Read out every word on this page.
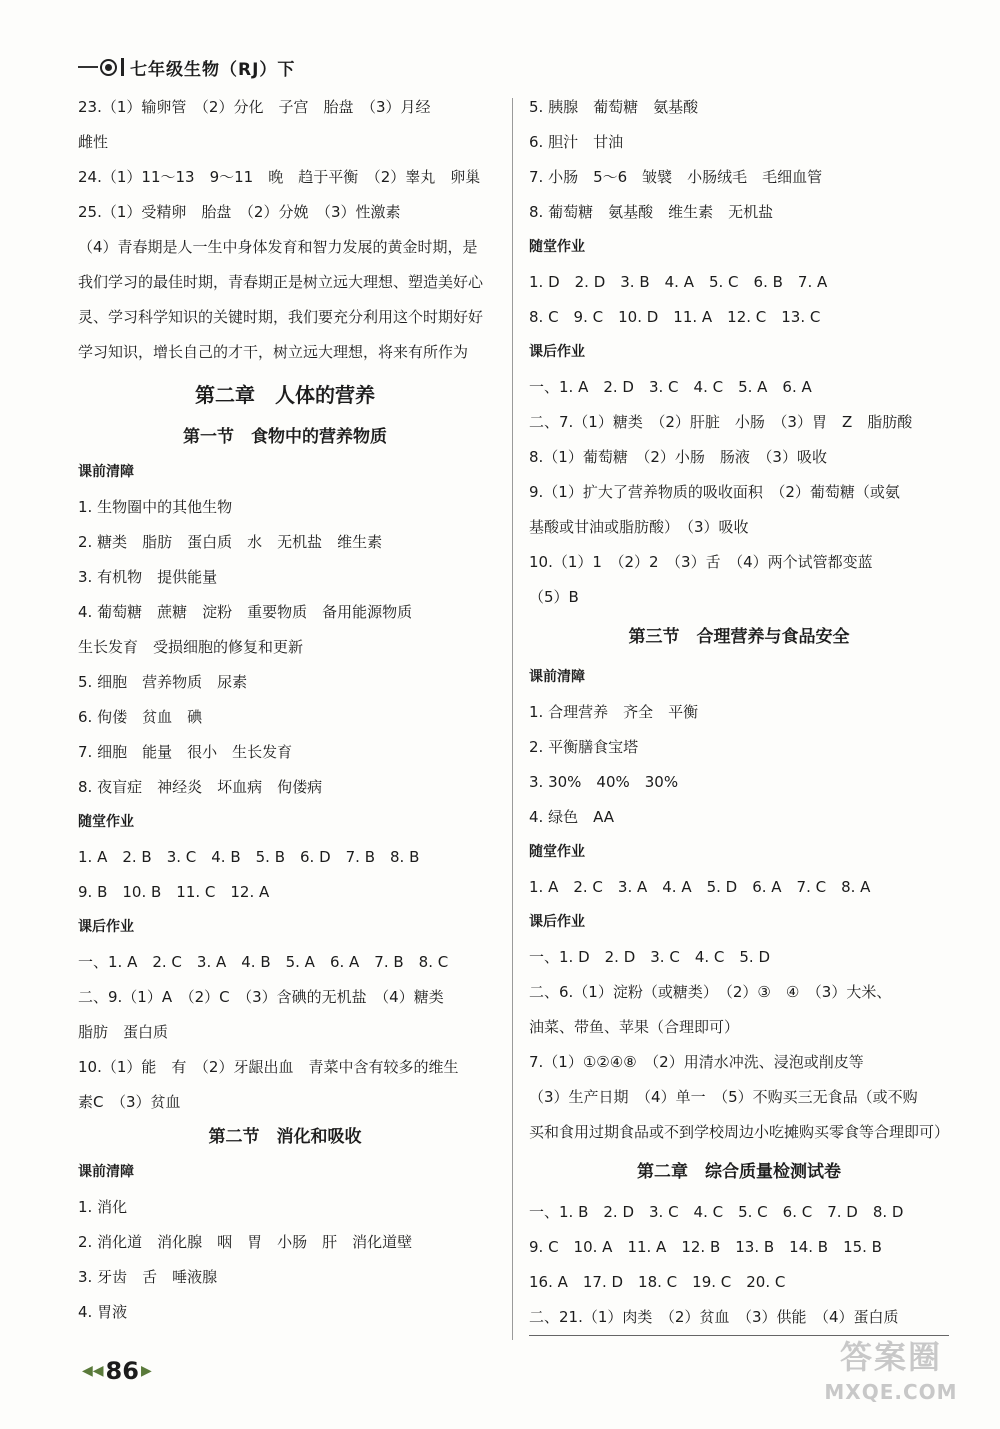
七年级生物（RJ）下
23.（1）输卵管　（2）分化　子宫　胎盘　（3）月经
雌性
24.（1）11～13　9～11　晚　趋于平衡　（2）睾丸　卵巢
25.（1）受精卵　胎盘　（2）分娩　（3）性激素
（4）青春期是人一生中身体发育和智力发展的黄金时期，是我们学习的最佳时期，青春期正是树立远大理想、塑造美好心灵、学习科学知识的关键时期，我们要充分利用这个时期好好学习知识，增长自己的才干，树立远大理想，将来有所作为
第二章　人体的营养
第一节　食物中的营养物质
课前清障
1. 生物圈中的其他生物
2. 糖类　脂肪　蛋白质　水　无机盐　维生素
3. 有机物　提供能量
4. 葡萄糖　蔗糖　淀粉　重要物质　备用能源物质
生长发育　受损细胞的修复和更新
5. 细胞　营养物质　尿素
6. 佝偻　贫血　碘
7. 细胞　能量　很小　生长发育
8. 夜盲症　神经炎　坏血病　佝偻病
随堂作业
1. A　2. B　3. C　4. B　5. B　6. D　7. B　8. B
9. B　10. B　11. C　12. A
课后作业
一、1. A　2. C　3. A　4. B　5. A　6. A　7. B　8. C
二、9.（1）A　（2）C　（3）含碘的无机盐　（4）糖类
脂肪　蛋白质
10.（1）能　有　（2）牙龈出血　青菜中含有较多的维生
素C　（3）贫血
第二节　消化和吸收
课前清障
1. 消化
2. 消化道　消化腺　咽　胃　小肠　肝　消化道壁
3. 牙齿　舌　唾液腺
4. 胃液
5. 胰腺　葡萄糖　氨基酸
6. 胆汁　甘油
7. 小肠　5～6　皱襞　小肠绒毛　毛细血管
8. 葡萄糖　氨基酸　维生素　无机盐
随堂作业
1. D　2. D　3. B　4. A　5. C　6. B　7. A
8. C　9. C　10. D　11. A　12. C　13. C
课后作业
一、1. A　2. D　3. C　4. C　5. A　6. A
二、7.（1）糖类　（2）肝脏　小肠　（3）胃　Z　脂肪酸
8.（1）葡萄糖　（2）小肠　肠液　（3）吸收
9.（1）扩大了营养物质的吸收面积　（2）葡萄糖（或氨
基酸或甘油或脂肪酸）　（3）吸收
10.（1）1　（2）2　（3）舌　（4）两个试管都变蓝
（5）B
第三节　合理营养与食品安全
课前清障
1. 合理营养　齐全　平衡
2. 平衡膳食宝塔
3. 30%　40%　30%
4. 绿色　AA
随堂作业
1. A　2. C　3. A　4. A　5. D　6. A　7. C　8. A
课后作业
一、1. D　2. D　3. C　4. C　5. D
二、6.（1）淀粉（或糖类）　（2）③　④　（3）大米、
油菜、带鱼、苹果（合理即可）
7.（1）①②④⑧　（2）用清水冲洗、浸泡或削皮等
（3）生产日期　（4）单一　（5）不购买三无食品（或不购
买和食用过期食品或不到学校周边小吃摊购买零食等合理即可）
第二章　综合质量检测试卷
一、1. B　2. D　3. C　4. C　5. C　6. C　7. D　8. D
9. C　10. A　11. A　12. B　13. B　14. B　15. B
16. A　17. D　18. C　19. C　20. C
二、21.（1）肉类　（2）贫血　（3）供能　（4）蛋白质
◀◀ 86 ▶	答案圈
MXQE.COM
